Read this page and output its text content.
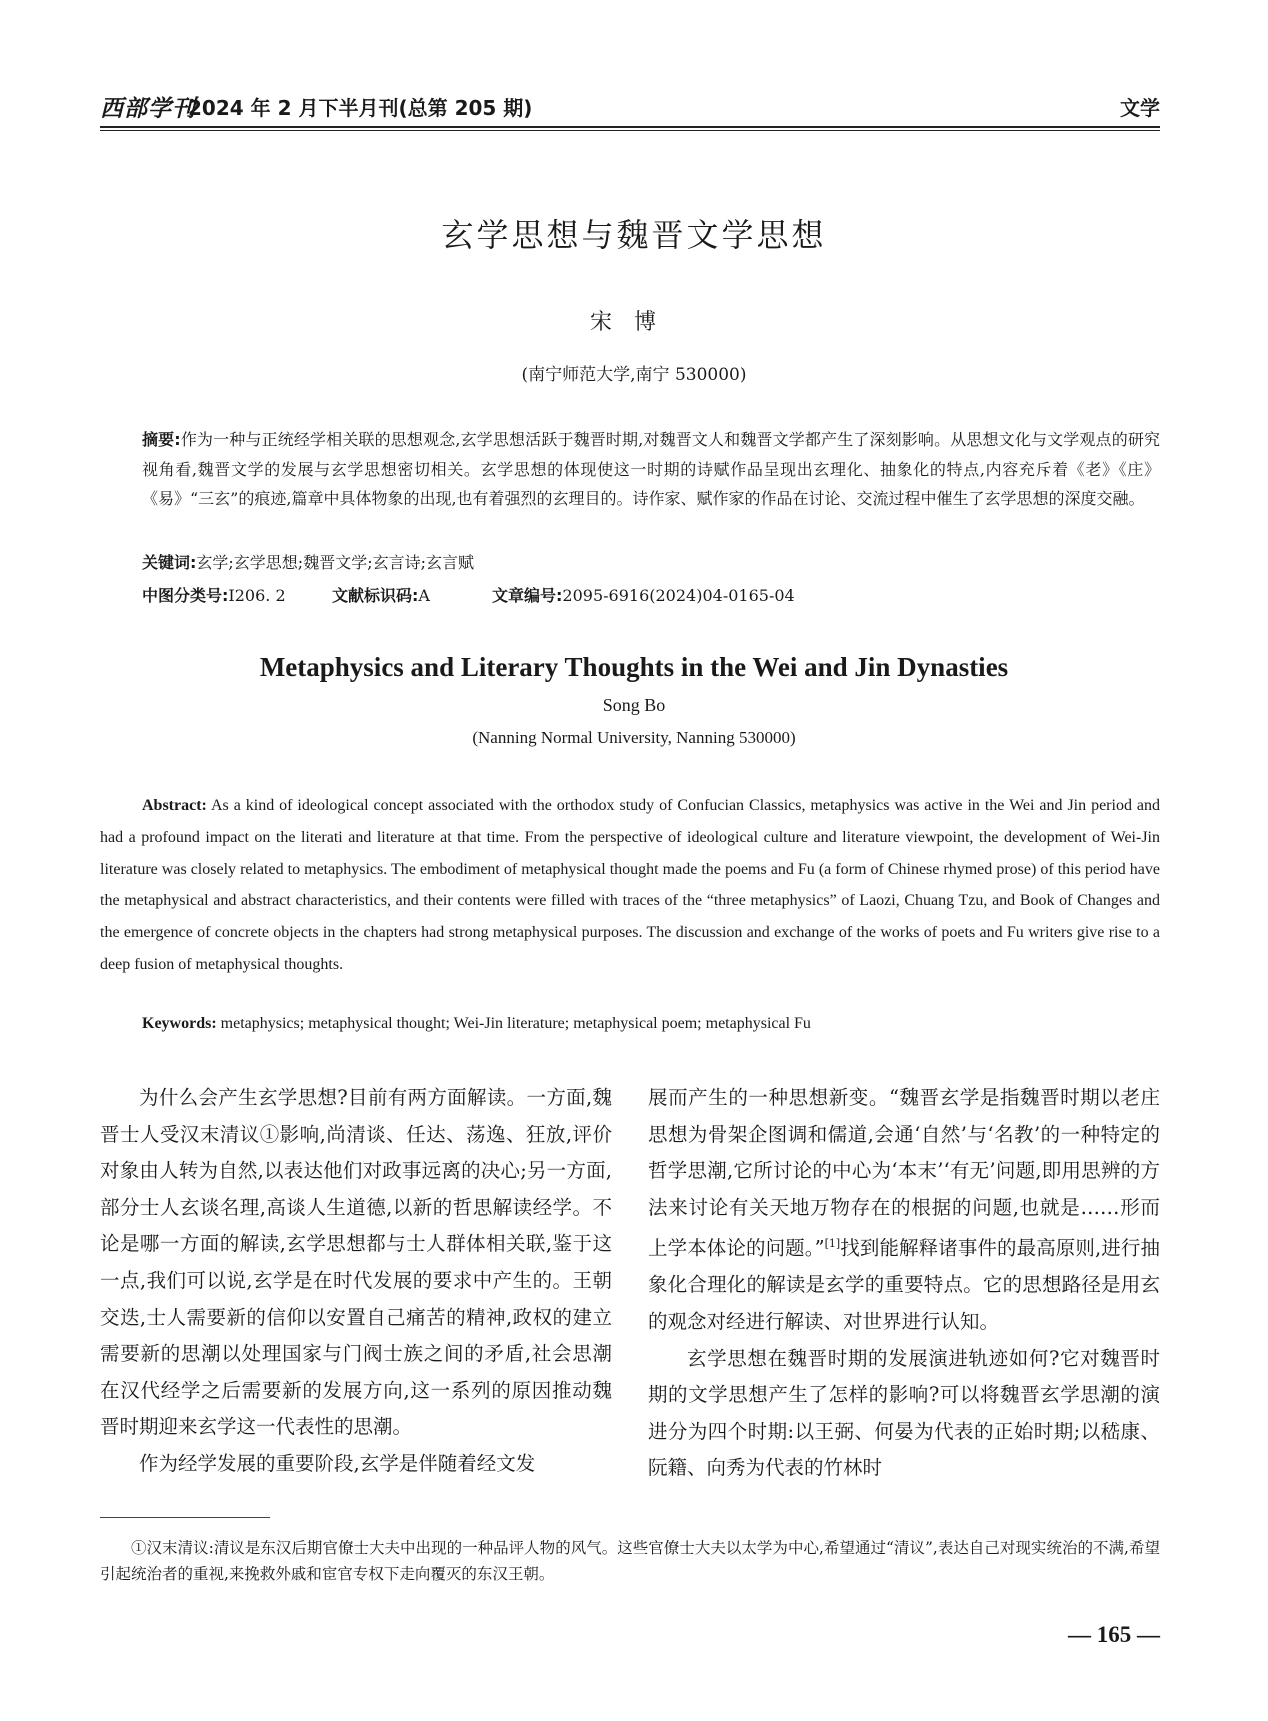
西部学刊
2024 年 2 月下半月刊(总第 205 期)	文学
玄学思想与魏晋文学思想
宋博
(南宁师范大学,南宁 530000)
摘要:作为一种与正统经学相关联的思想观念,玄学思想活跃于魏晋时期,对魏晋文人和魏晋文学都产生了深刻影响。从思想文化与文学观点的研究视角看,魏晋文学的发展与玄学思想密切相关。玄学思想的体现使这一时期的诗赋作品呈现出玄理化、抽象化的特点,内容充斥着《老》《庄》《易》“三玄”的痕迹,篇章中具体物象的出现,也有着强烈的玄理目的。诗作家、赋作家的作品在讨论、交流过程中催生了玄学思想的深度交融。
关键词:玄学;玄学思想;魏晋文学;玄言诗;玄言赋
中图分类号:I206. 2	文献标识码:A	文章编号:2095-6916(2024)04-0165-04
Metaphysics and Literary Thoughts in the Wei and Jin Dynasties
Song Bo
(Nanning Normal University, Nanning 530000)
Abstract: As a kind of ideological concept associated with the orthodox study of Confucian Classics, metaphysics was active in the Wei and Jin period and had a profound impact on the literati and literature at that time. From the perspective of ideological culture and literature viewpoint, the development of Wei-Jin literature was closely related to metaphysics. The embodiment of metaphysical thought made the poems and Fu (a form of Chinese rhymed prose) of this period have the metaphysical and abstract characteristics, and their contents were filled with traces of the “three metaphysics” of Laozi, Chuang Tzu, and Book of Changes and the emergence of concrete objects in the chapters had strong metaphysical purposes. The discussion and exchange of the works of poets and Fu writers give rise to a deep fusion of metaphysical thoughts.
Keywords: metaphysics; metaphysical thought; Wei-Jin literature; metaphysical poem; metaphysical Fu

为什么会产生玄学思想?目前有两方面解读。一方面,魏晋士人受汉末清议①影响,尚清谈、任达、荡逸、狂放,评价对象由人转为自然,以表达他们对政事远离的决心;另一方面,部分士人玄谈名理,高谈人生道德,以新的哲思解读经学。不论是哪一方面的解读,玄学思想都与士人群体相关联,鉴于这一点,我们可以说,玄学是在时代发展的要求中产生的。王朝交迭,士人需要新的信仰以安置自己痛苦的精神,政权的建立需要新的思潮以处理国家与门阀士族之间的矛盾,社会思潮在汉代经学之后需要新的发展方向,这一系列的原因推动魏晋时期迎来玄学这一代表性的思潮。

作为经学发展的重要阶段,玄学是伴随着经文发

展而产生的一种思想新变。“魏晋玄学是指魏晋时期以老庄思想为骨架企图调和儒道,会通‘自然’与‘名教’的一种特定的哲学思潮,它所讨论的中心为‘本末’‘有无’问题,即用思辨的方法来讨论有关天地万物存在的根据的问题,也就是……形而上学本体论的问题。”[1]找到能解释诸事件的最高原则,进行抽象化合理化的解读是玄学的重要特点。它的思想路径是用玄的观念对经进行解读、对世界进行认知。

玄学思想在魏晋时期的发展演进轨迹如何?它对魏晋时期的文学思想产生了怎样的影响?可以将魏晋玄学思潮的演进分为四个时期:以王弼、何晏为代表的正始时期;以嵇康、阮籍、向秀为代表的竹林时

①汉末清议:清议是东汉后期官僚士大夫中出现的一种品评人物的风气。这些官僚士大夫以太学为中心,希望通过“清议”,表达自己对现实统治的不满,希望引起统治者的重视,来挽救外戚和宦官专权下走向覆灭的东汉王朝。
— 165 —
